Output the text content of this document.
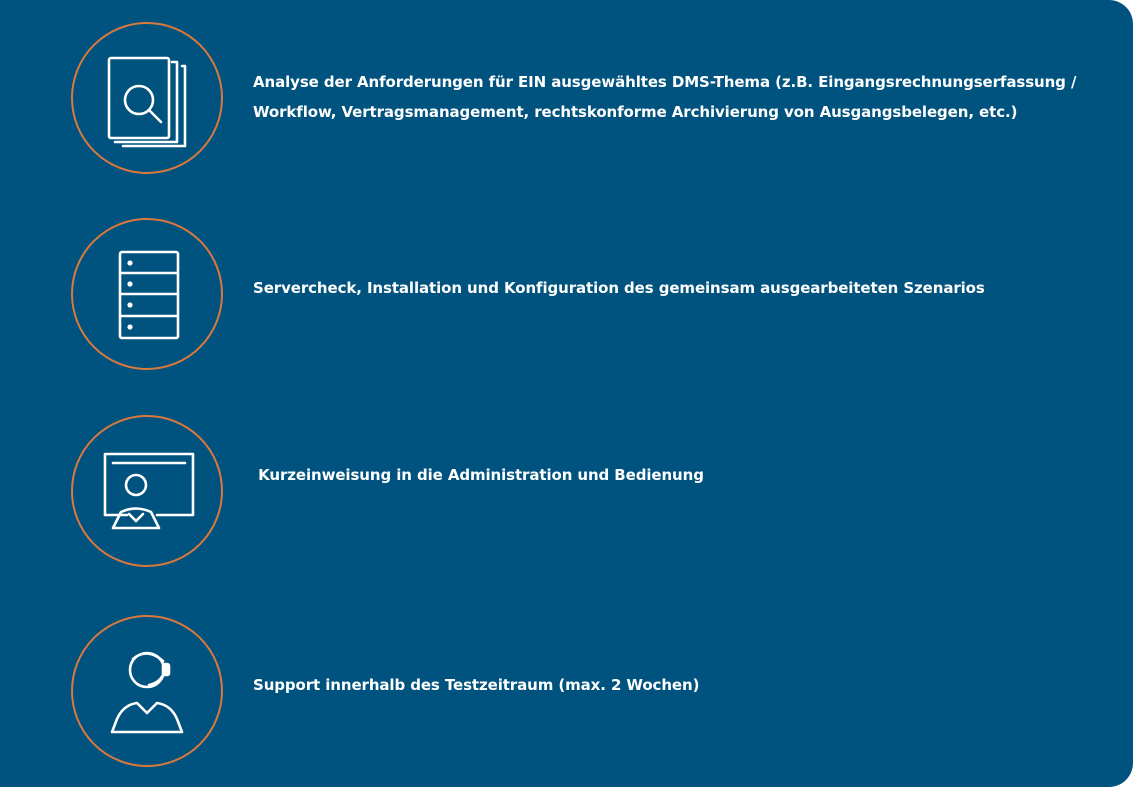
Analyse der Anforderungen für EIN ausgewähltes DMS-Thema (z.B. Eingangsrechnungserfassung /
Workflow, Vertragsmanagement, rechtskonforme Archivierung von Ausgangsbelegen, etc.)
Servercheck, Installation und Konfiguration des gemeinsam ausgearbeiteten Szenarios
Kurzeinweisung in die Administration und Bedienung
Support innerhalb des Testzeitraum (max. 2 Wochen)
